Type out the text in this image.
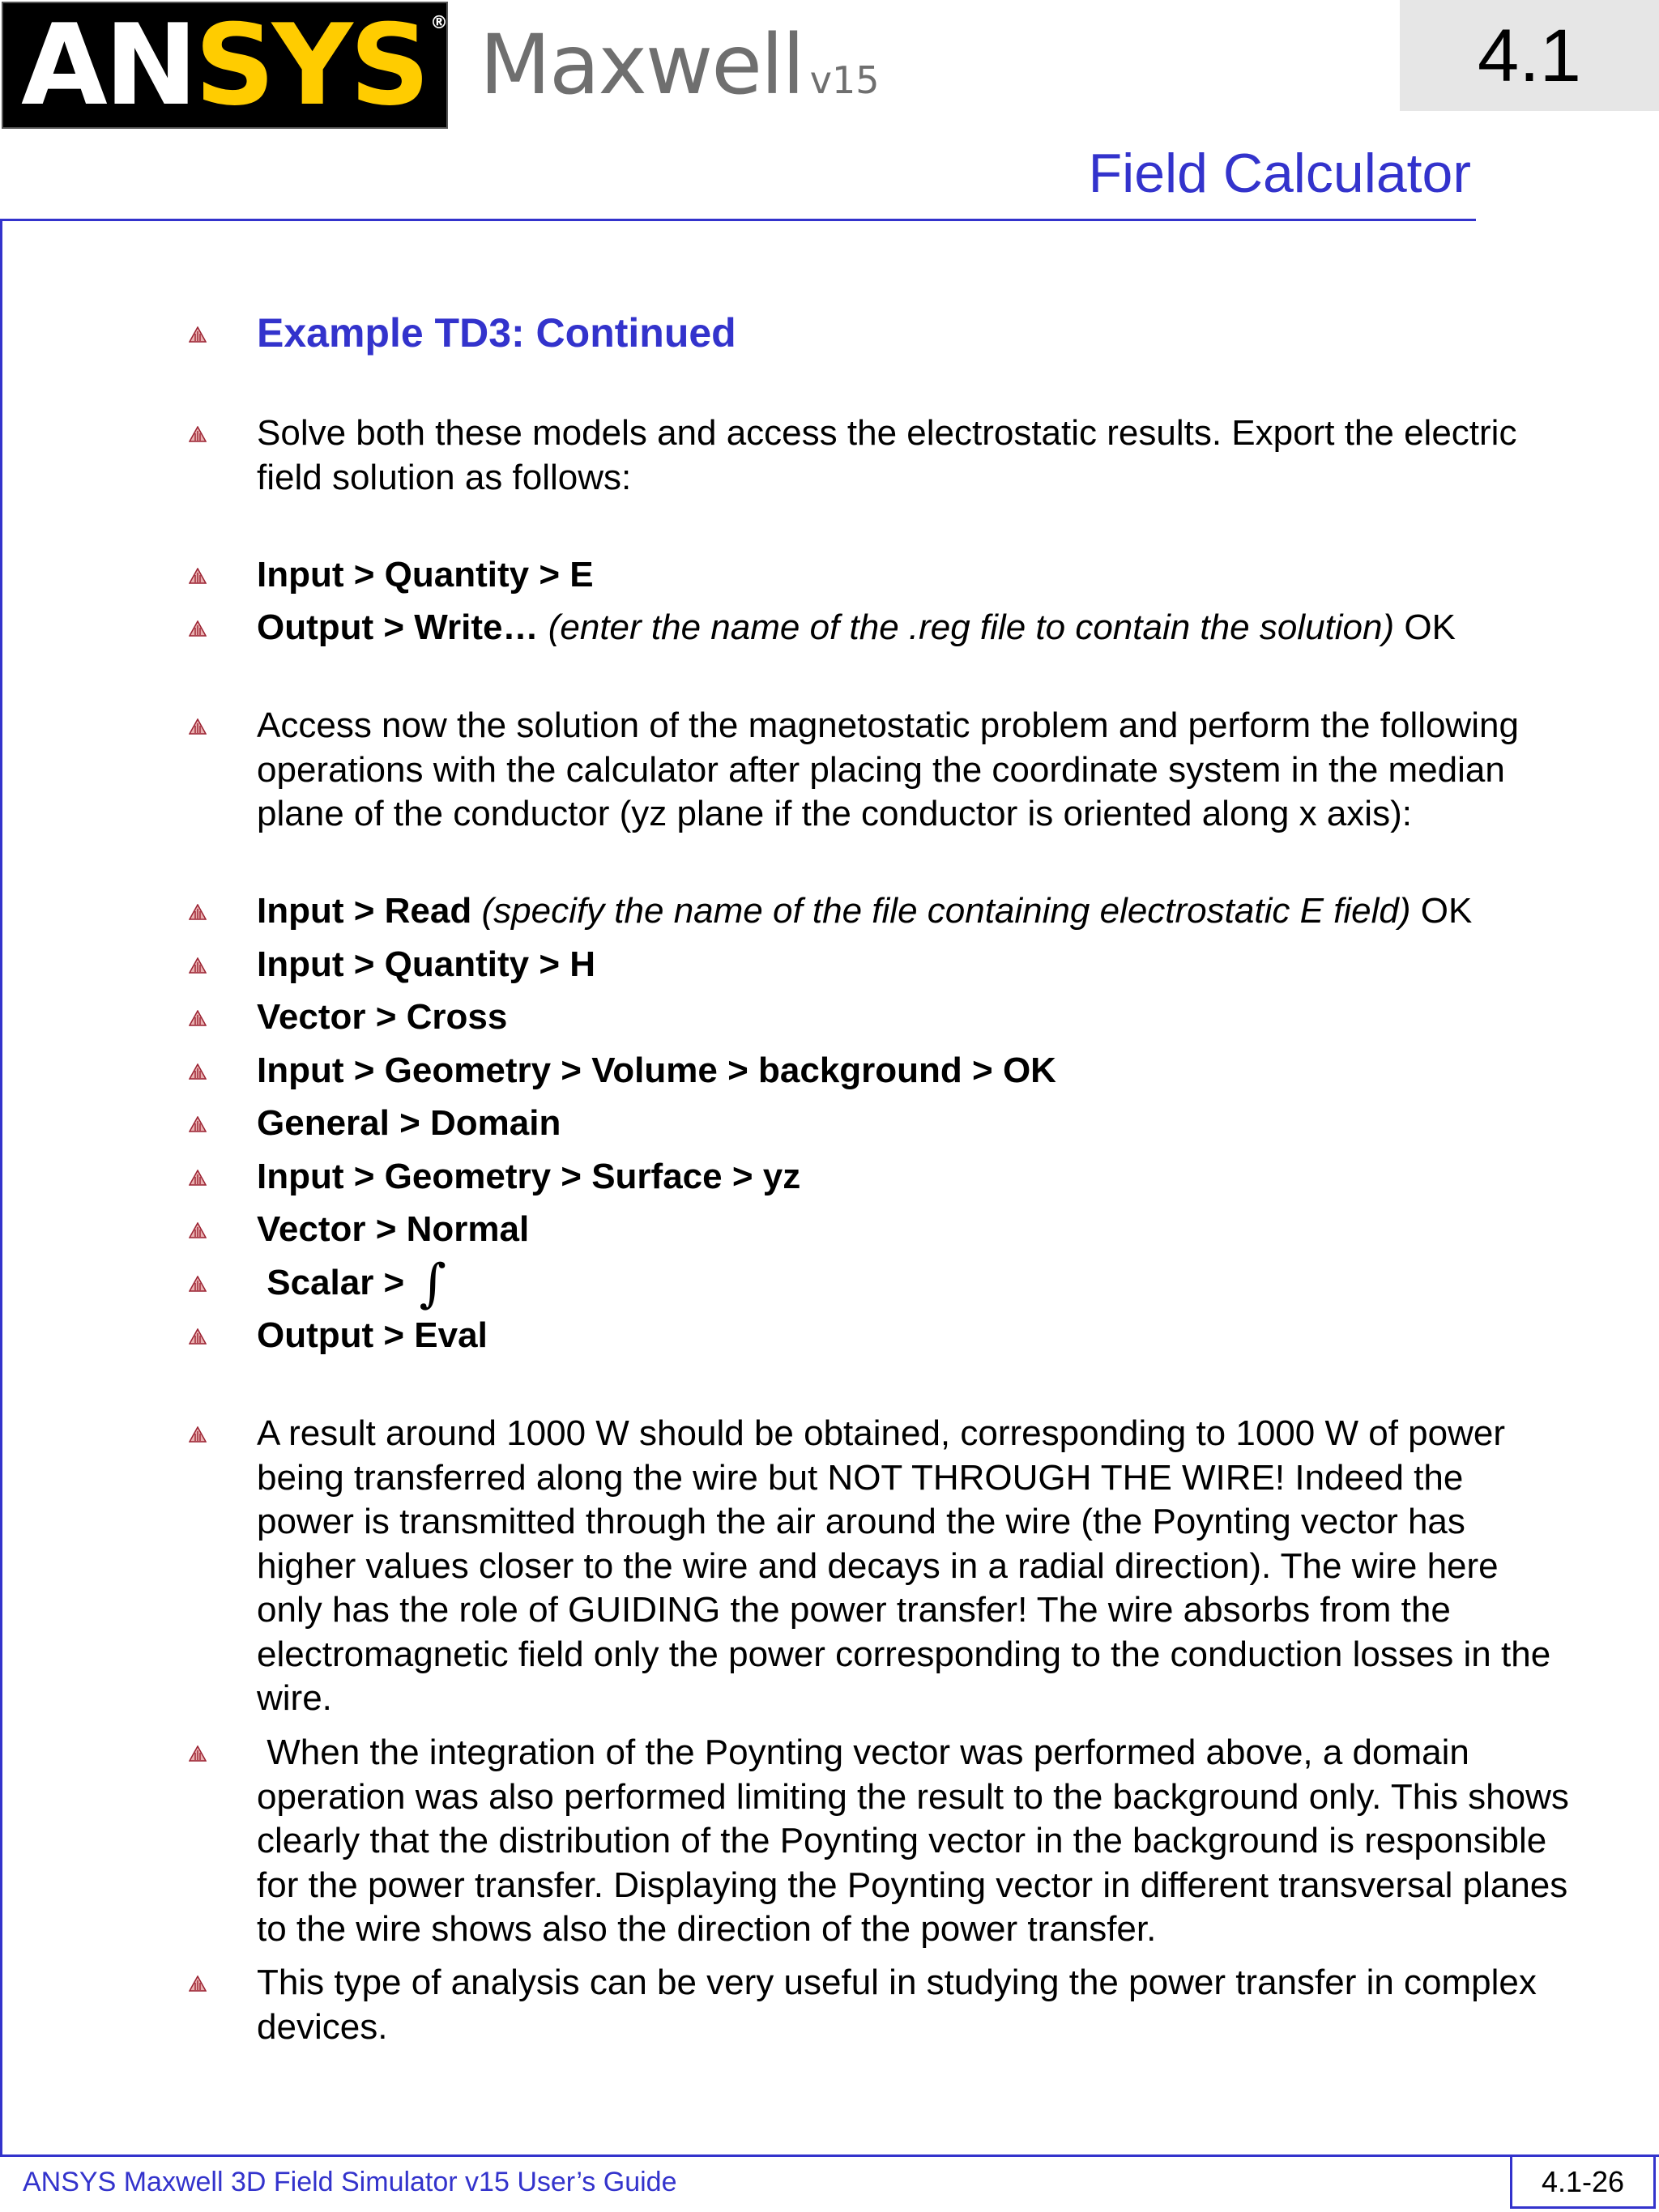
AN SYS ® Maxwell v15	4.1
Field Calculator
Example TD3: Continued
Solve both these models and access the electrostatic results. Export the electric field solution as follows:
Input > Quantity > E
Output > Write… (enter the name of the .reg file to contain the solution) OK
Access now the solution of the magnetostatic problem and perform the following operations with the calculator after placing the coordinate system in the median plane of the conductor (yz plane if the conductor is oriented along x axis):
Input > Read (specify the name of the file containing electrostatic E field) OK
Input > Quantity > H
Vector > Cross
Input > Geometry > Volume > background > OK
General > Domain
Input > Geometry > Surface > yz
Vector > Normal
Scalar > ∫
Output > Eval
A result around 1000 W should be obtained, corresponding to 1000 W of power being transferred along the wire but NOT THROUGH THE WIRE! Indeed the power is transmitted through the air around the wire (the Poynting vector has higher values closer to the wire and decays in a radial direction). The wire here only has the role of GUIDING the power transfer! The wire absorbs from the electromagnetic field only the power corresponding to the conduction losses in the wire.
When the integration of the Poynting vector was performed above, a domain operation was also performed limiting the result to the background only. This shows clearly that the distribution of the Poynting vector in the background is responsible for the power transfer. Displaying the Poynting vector in different transversal planes to the wire shows also the direction of the power transfer.
This type of analysis can be very useful in studying the power transfer in complex devices.
ANSYS Maxwell 3D Field Simulator v15 User’s Guide	4.1-26
